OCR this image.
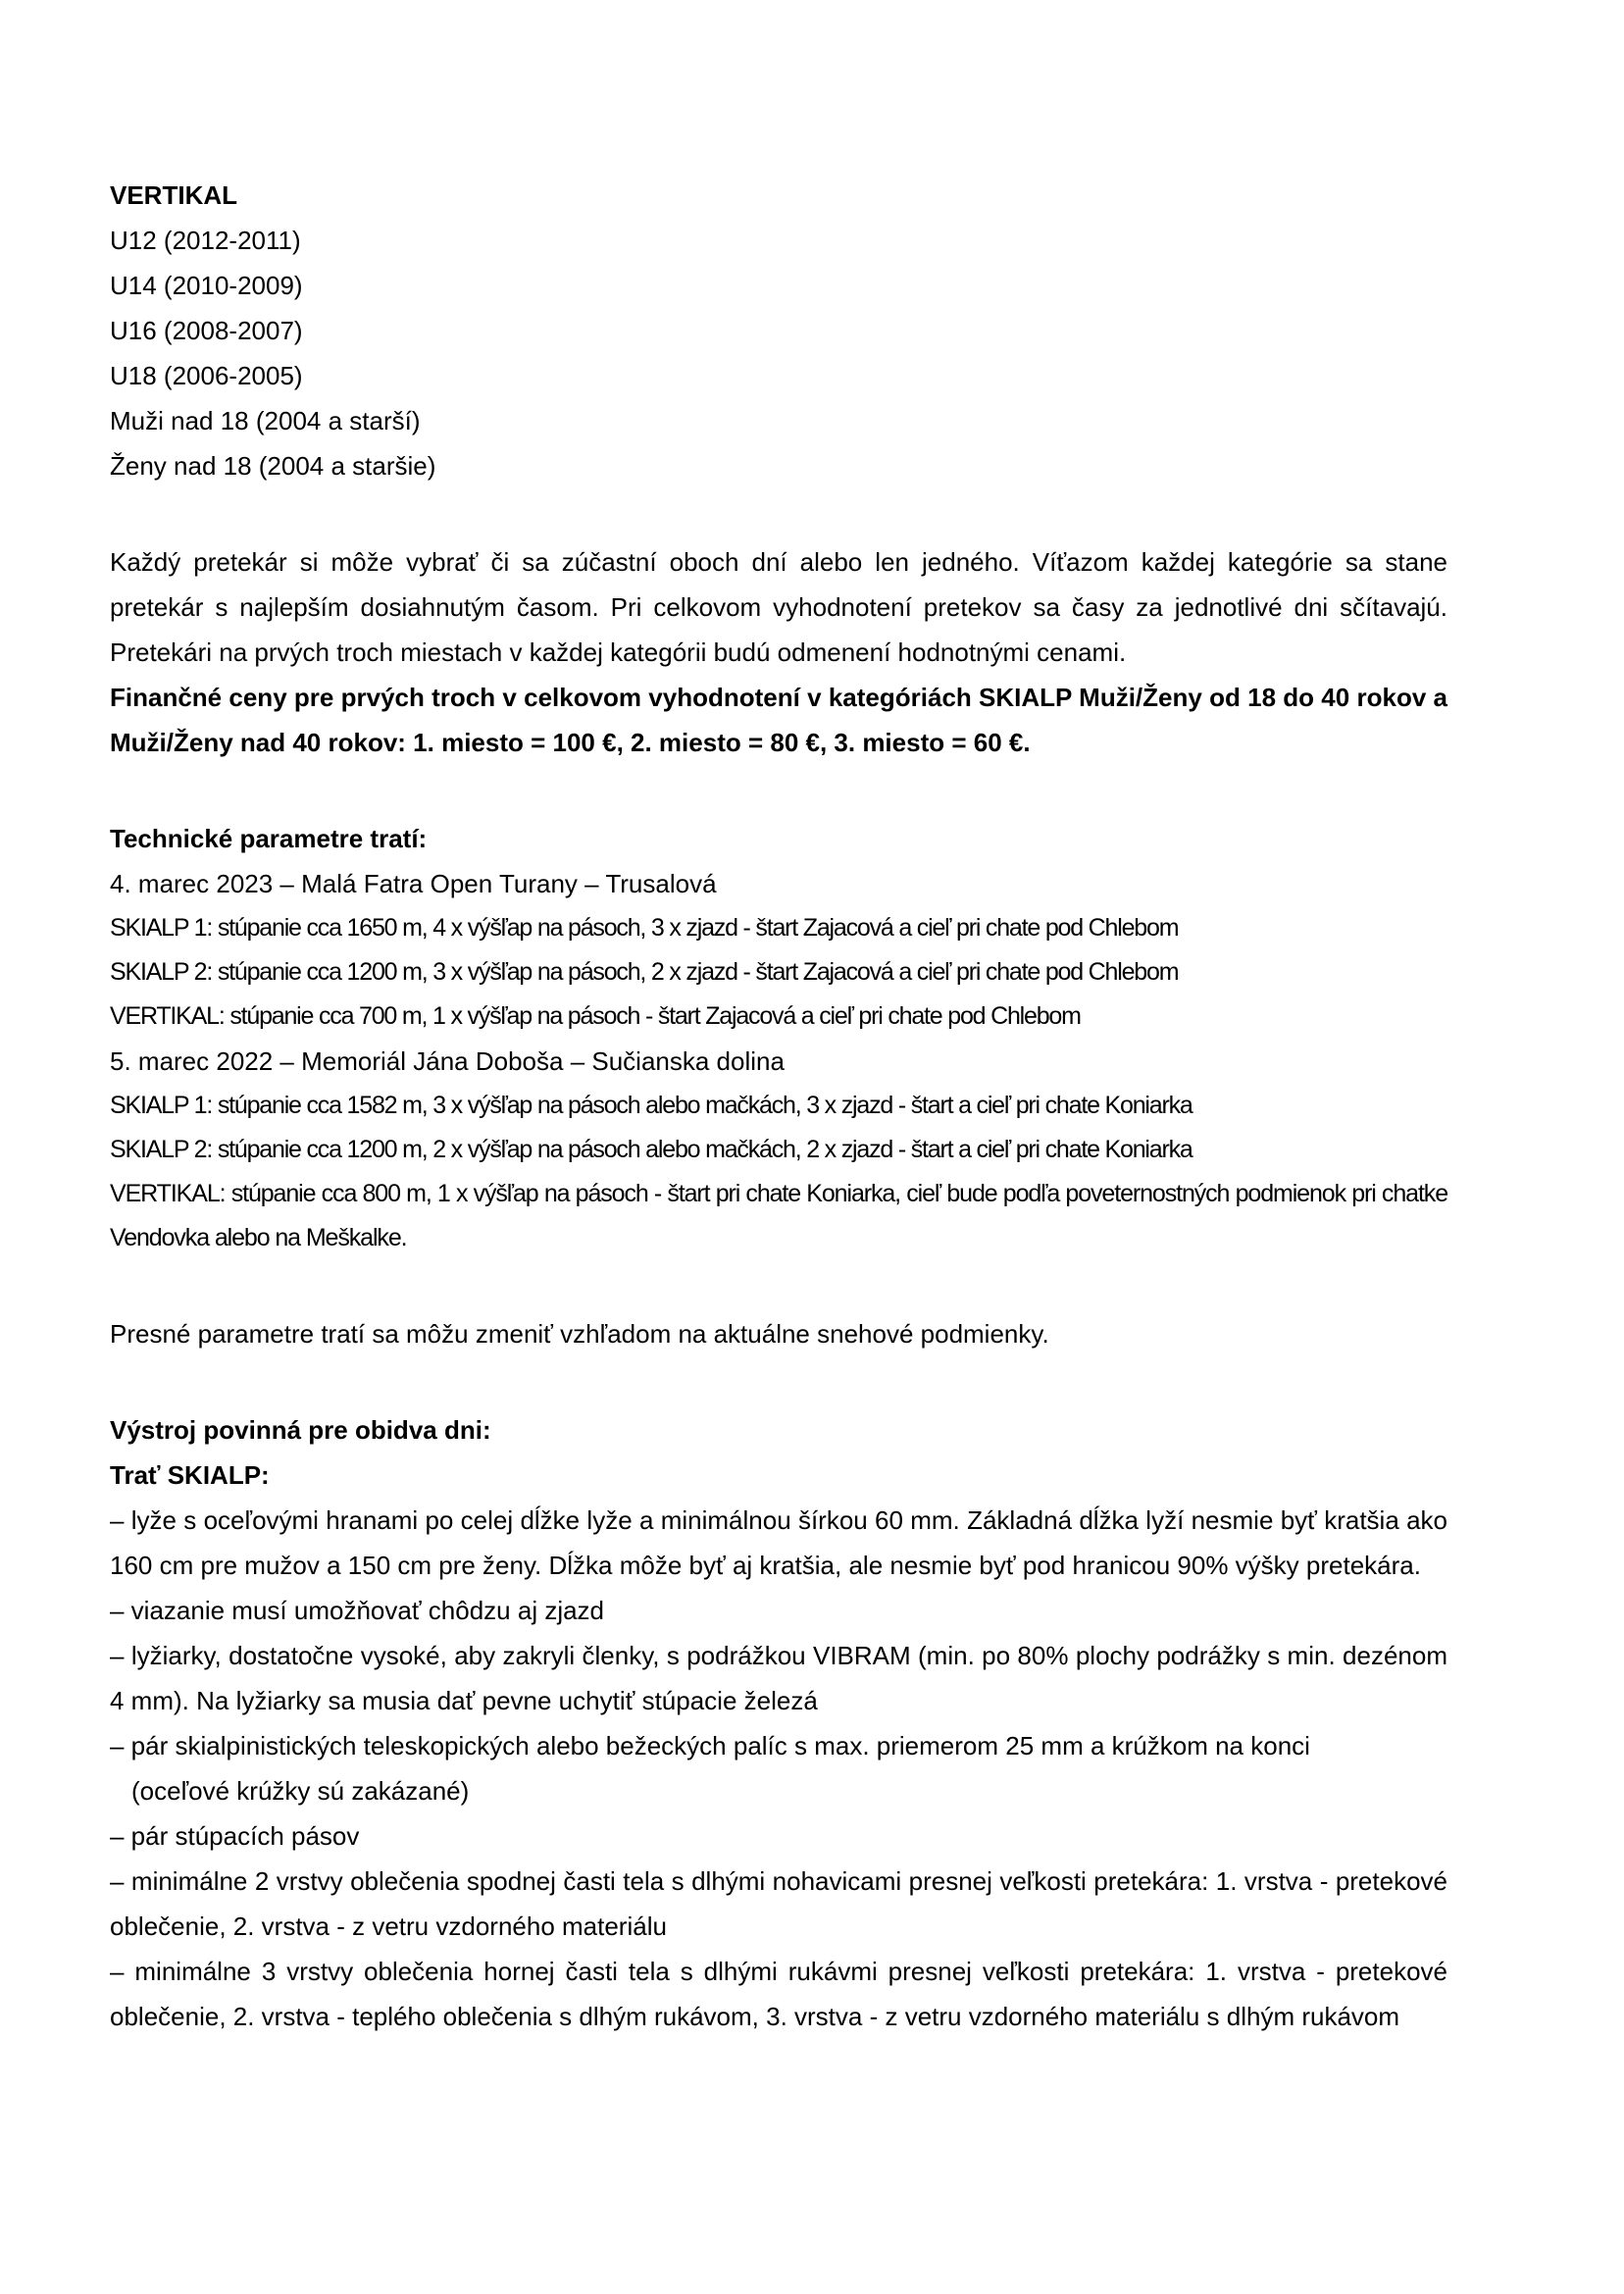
VERTIKAL
U12 (2012-2011)
U14 (2010-2009)
U16 (2008-2007)
U18 (2006-2005)
Muži nad 18 (2004 a starší)
Ženy nad 18 (2004 a staršie)
Každý pretekár si môže vybrať či sa zúčastní oboch dní alebo len jedného. Víťazom každej kategórie sa stane pretekár s najlepším dosiahnutým časom. Pri celkovom vyhodnotení pretekov sa časy za jednotlivé dni sčítavajú. Pretekári na prvých troch miestach v každej kategórii budú odmenení hodnotnými cenami.
Finančné ceny pre prvých troch v celkovom vyhodnotení v kategóriách SKIALP Muži/Ženy od 18 do 40 rokov a Muži/Ženy nad 40 rokov: 1. miesto = 100 €, 2. miesto = 80 €, 3. miesto = 60 €.
Technické parametre tratí:
4. marec 2023 – Malá Fatra Open Turany – Trusalová
SKIALP 1: stúpanie cca 1650 m, 4 x výšľap na pásoch, 3 x zjazd - štart Zajacová a cieľ pri chate pod Chlebom
SKIALP 2: stúpanie cca 1200 m, 3 x výšľap na pásoch, 2 x zjazd - štart Zajacová a cieľ pri chate pod Chlebom
VERTIKAL: stúpanie cca 700 m, 1 x výšľap na pásoch - štart Zajacová a cieľ pri chate pod Chlebom
5. marec 2022 – Memoriál Jána Doboša – Sučianska dolina
SKIALP 1: stúpanie cca 1582 m, 3 x výšľap na pásoch alebo mačkách, 3 x zjazd - štart a cieľ pri chate Koniarka
SKIALP 2: stúpanie cca 1200 m, 2 x výšľap na pásoch alebo mačkách, 2 x zjazd - štart a cieľ pri chate Koniarka
VERTIKAL: stúpanie cca 800 m, 1 x výšľap na pásoch - štart pri chate Koniarka, cieľ bude podľa poveternostných podmienok pri chatke Vendovka alebo na Meškalke.
Presné parametre tratí sa môžu zmeniť vzhľadom na aktuálne snehové podmienky.
Výstroj povinná pre obidva dni:
Trať SKIALP:
– lyže s oceľovými hranami po celej dĺžke lyže a minimálnou šírkou 60 mm. Základná dĺžka lyží nesmie byť kratšia ako 160 cm pre mužov a 150 cm pre ženy. Dĺžka môže byť aj kratšia, ale nesmie byť pod hranicou 90% výšky pretekára.
– viazanie musí umožňovať chôdzu aj zjazd
– lyžiarky, dostatočne vysoké, aby zakryli členky, s podrážkou VIBRAM (min. po 80% plochy podrážky s min. dezénom 4 mm). Na lyžiarky sa musia dať pevne uchytiť stúpacie železá
– pár skialpinistických teleskopických alebo bežeckých palíc s max. priemerom 25 mm a krúžkom na konci
(oceľové krúžky sú zakázané)
– pár stúpacích pásov
– minimálne 2 vrstvy oblečenia spodnej časti tela s dlhými nohavicami presnej veľkosti pretekára: 1. vrstva - pretekové oblečenie, 2. vrstva - z vetru vzdorného materiálu
– minimálne 3 vrstvy oblečenia hornej časti tela s dlhými rukávmi presnej veľkosti pretekára: 1. vrstva - pretekové oblečenie, 2. vrstva - teplého oblečenia s dlhým rukávom, 3. vrstva - z vetru vzdorného materiálu s dlhým rukávom
